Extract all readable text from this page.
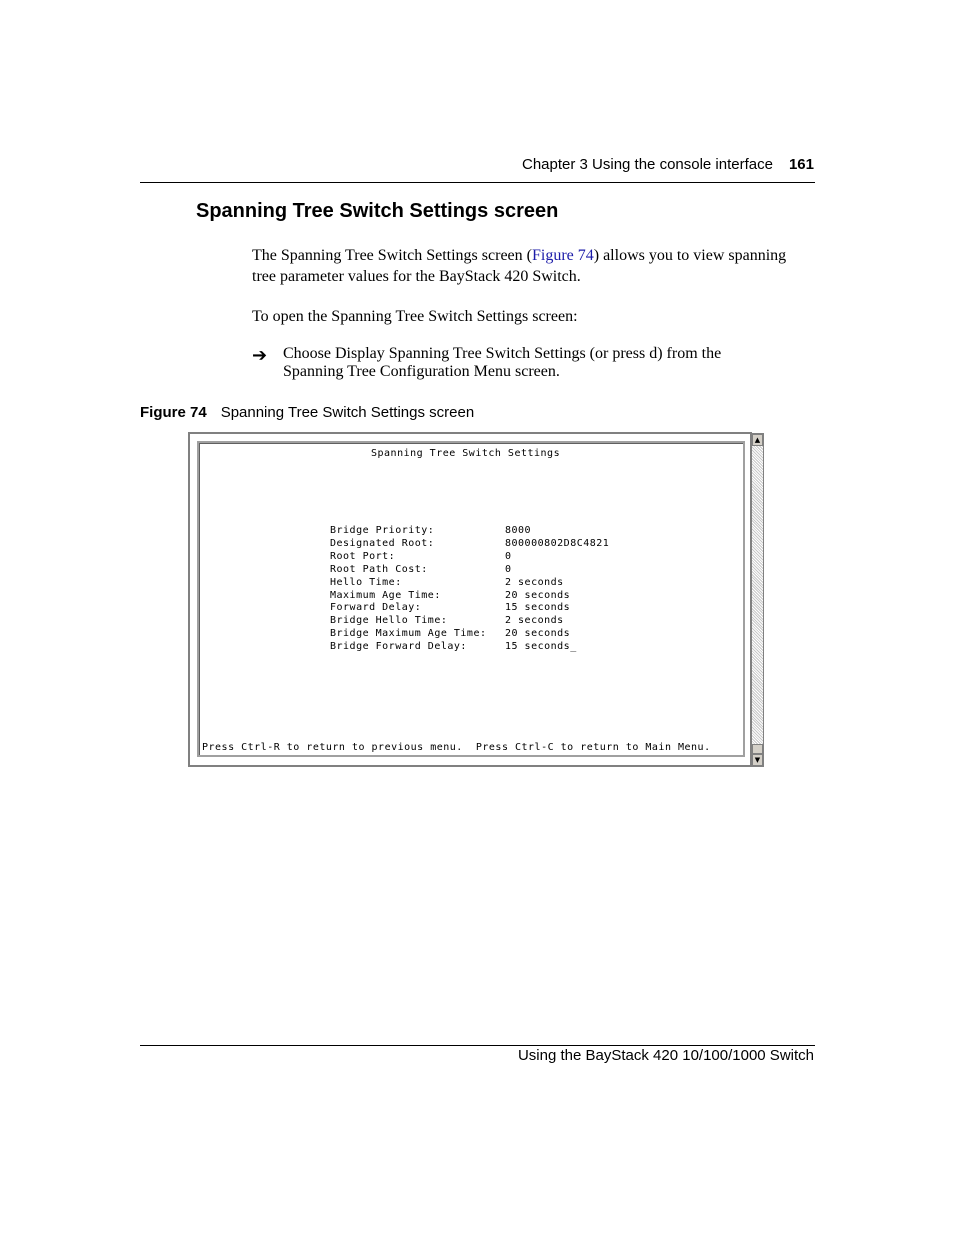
Chapter 3 Using the console interface 161
Spanning Tree Switch Settings screen

The Spanning Tree Switch Settings screen (Figure 74) allows you to view spanning tree parameter values for the BayStack 420 Switch.

To open the Spanning Tree Switch Settings screen:

➔ Choose Display Spanning Tree Switch Settings (or press d) from the Spanning Tree Configuration Menu screen.
Figure 74 Spanning Tree Switch Settings screen
Spanning Tree Switch Settings
Bridge Priority:	8000
Designated Root:	800000802D8C4821
Root Port:	0
Root Path Cost:	0
Hello Time:	2 seconds
Maximum Age Time:	20 seconds
Forward Delay:	15 seconds
Bridge Hello Time:	2 seconds
Bridge Maximum Age Time: 20 seconds
Bridge Forward Delay:	15 seconds_
Press Ctrl-R to return to previous menu.  Press Ctrl-C to return to Main Menu.
▲
▼
Using the BayStack 420 10/100/1000 Switch
